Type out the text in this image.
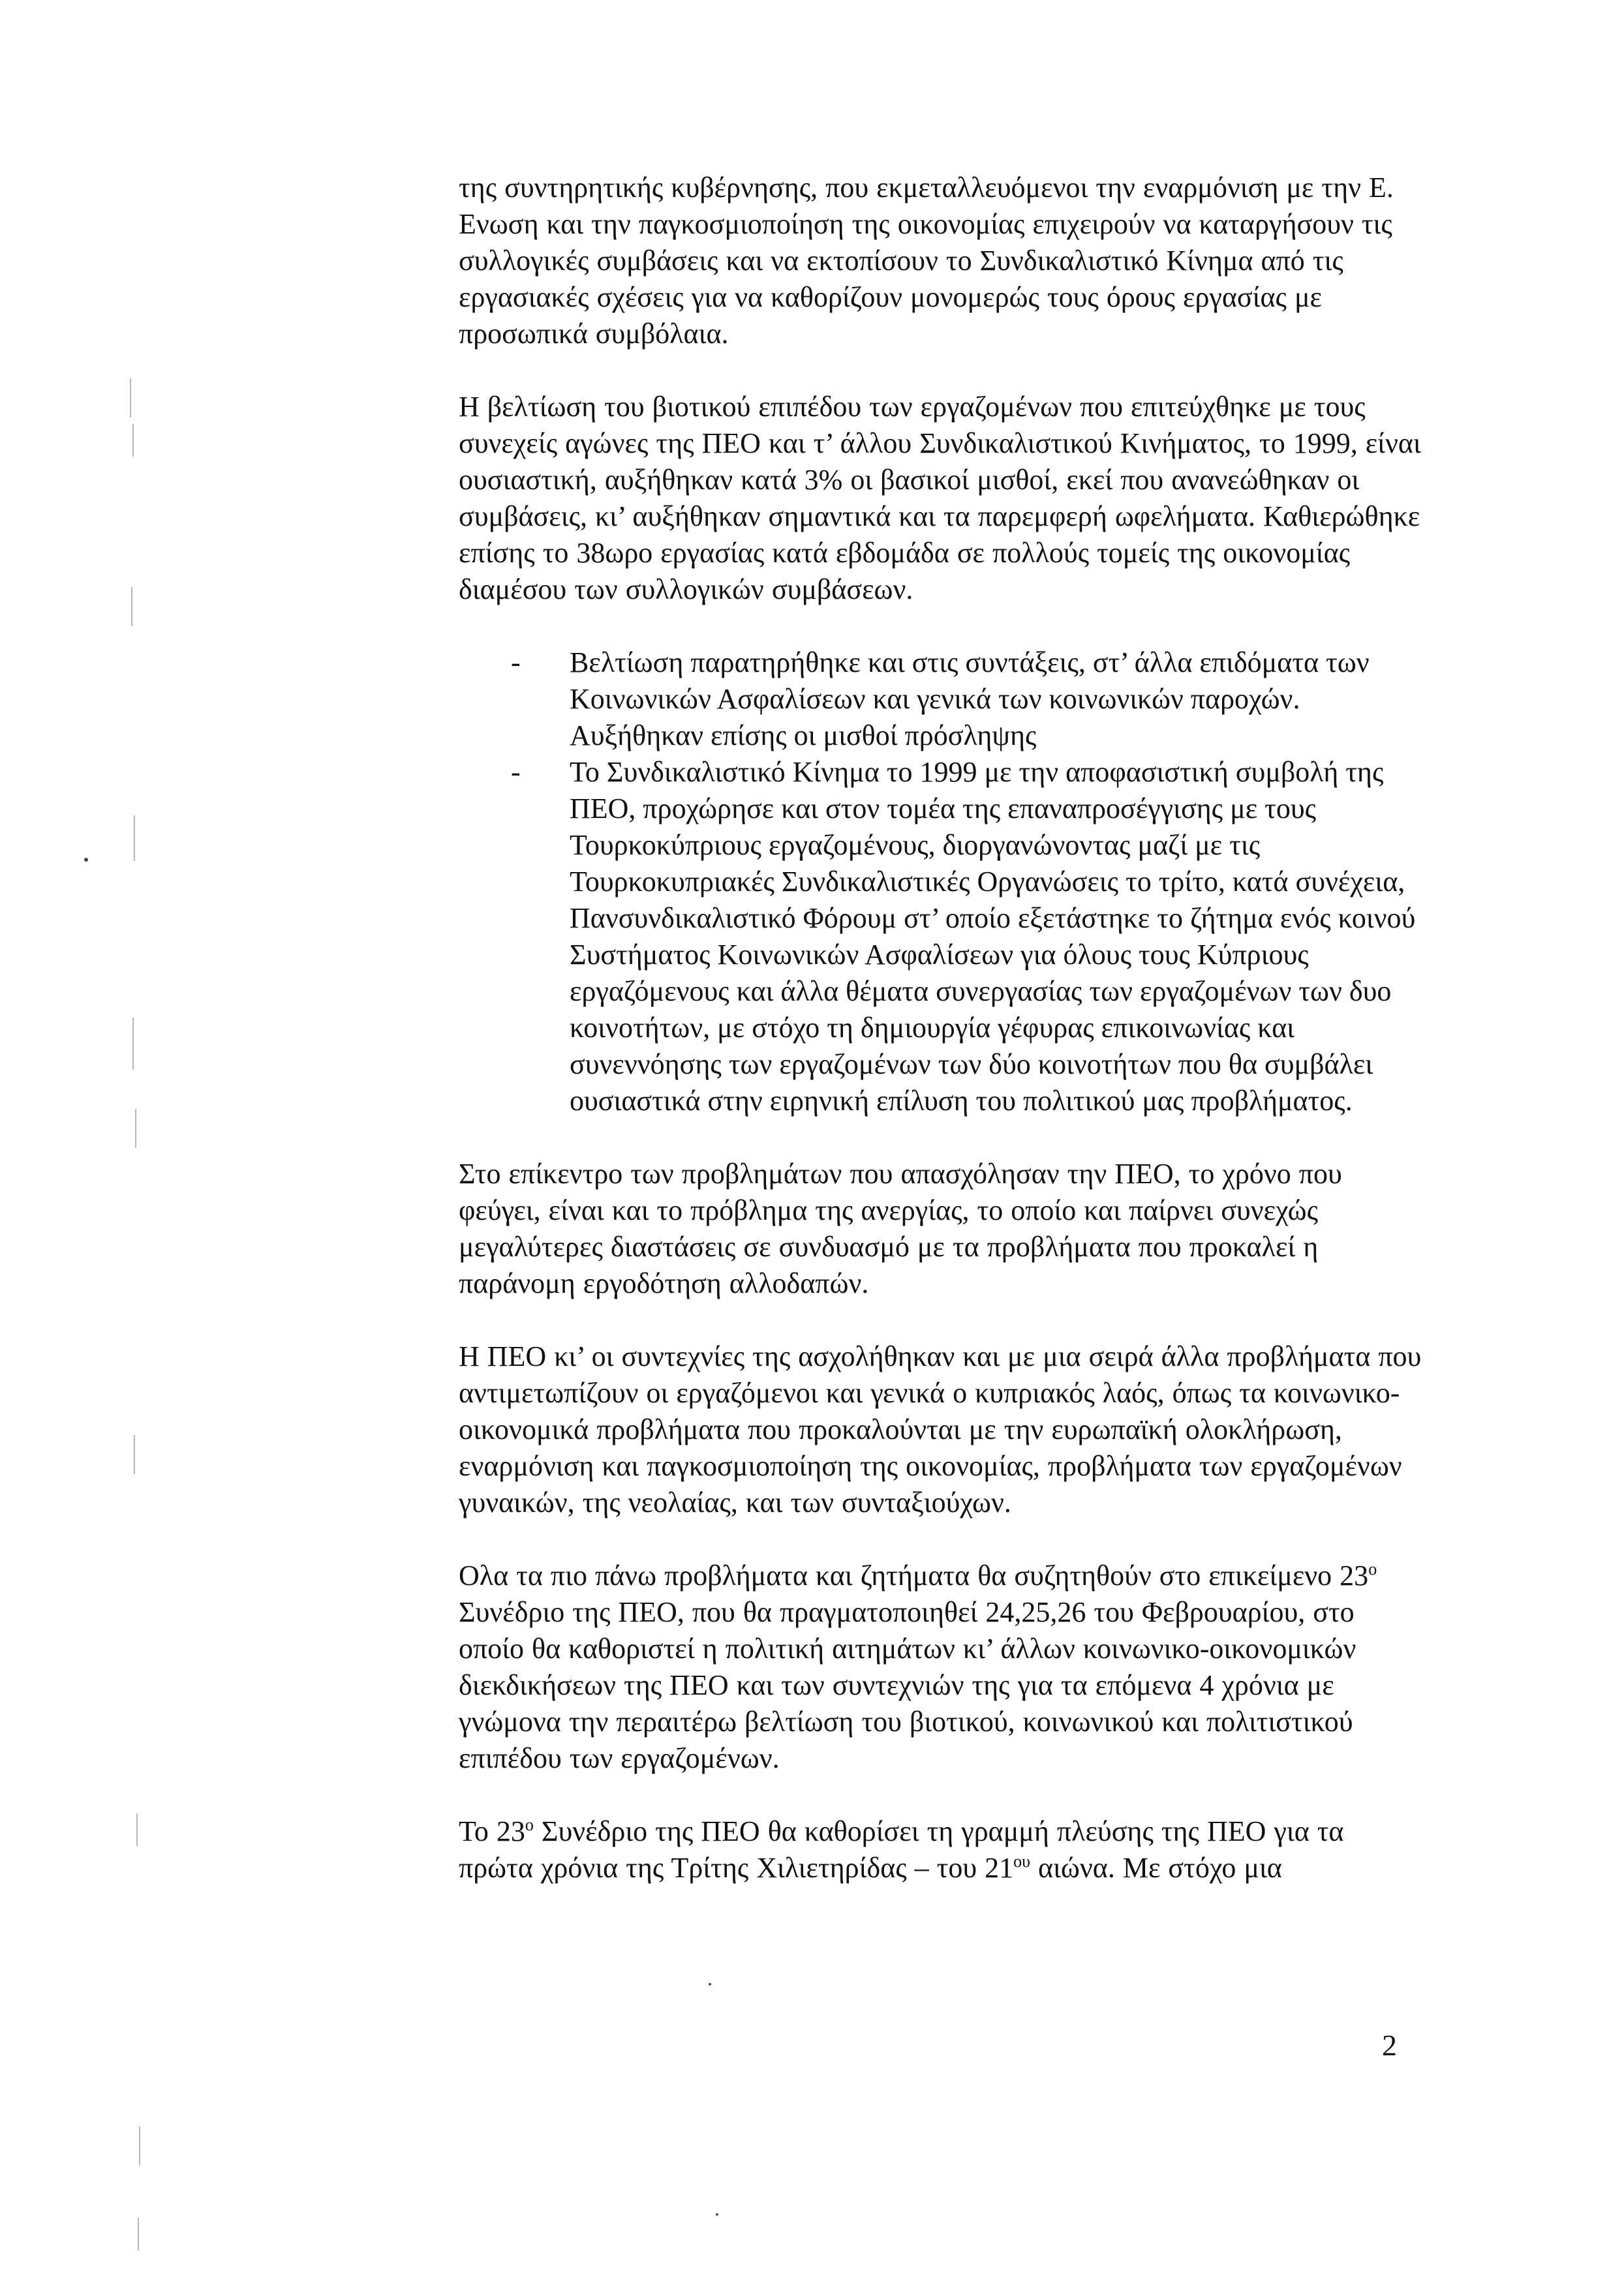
της συντηρητικής κυβέρνησης, που εκμεταλλευόμενοι την εναρμόνιση με την Ε. Ενωση και την παγκοσμιοποίηση της οικονομίας επιχειρούν να καταργήσουν τις συλλογικές συμβάσεις και να εκτοπίσουν το Συνδικαλιστικό Κίνημα από τις εργασιακές σχέσεις για να καθορίζουν μονομερώς τους όρους εργασίας με προσωπικά συμβόλαια.

Η βελτίωση του βιοτικού επιπέδου των εργαζομένων που επιτεύχθηκε με τους συνεχείς αγώνες της ΠΕΟ και τ’ άλλου Συνδικαλιστικού Κινήματος, το 1999, είναι ουσιαστική, αυξήθηκαν κατά 3% οι βασικοί μισθοί, εκεί που ανανεώθηκαν οι συμβάσεις, κι’ αυξήθηκαν σημαντικά και τα παρεμφερή ωφελήματα. Καθιερώθηκε επίσης το 38ωρο εργασίας κατά εβδομάδα σε πολλούς τομείς της οικονομίας διαμέσου των συλλογικών συμβάσεων.

- Βελτίωση παρατηρήθηκε και στις συντάξεις, στ’ άλλα επιδόματα των Κοινωνικών Ασφαλίσεων και γενικά των κοινωνικών παροχών. Αυξήθηκαν επίσης οι μισθοί πρόσληψης
- Το Συνδικαλιστικό Κίνημα το 1999 με την αποφασιστική συμβολή της ΠΕΟ, προχώρησε και στον τομέα της επαναπροσέγγισης με τους Τουρκοκύπριους εργαζομένους, διοργανώνοντας μαζί με τις Τουρκοκυπριακές Συνδικαλιστικές Οργανώσεις το τρίτο, κατά συνέχεια, Πανσυνδικαλιστικό Φόρουμ στ’ οποίο εξετάστηκε το ζήτημα ενός κοινού Συστήματος Κοινωνικών Ασφαλίσεων για όλους τους Κύπριους εργαζόμενους και άλλα θέματα συνεργασίας των εργαζομένων των δυο κοινοτήτων, με στόχο τη δημιουργία γέφυρας επικοινωνίας και συνεννόησης των εργαζομένων των δύο κοινοτήτων που θα συμβάλει ουσιαστικά στην ειρηνική επίλυση του πολιτικού μας προβλήματος.

Στο επίκεντρο των προβλημάτων που απασχόλησαν την ΠΕΟ, το χρόνο που φεύγει, είναι και το πρόβλημα της ανεργίας, το οποίο και παίρνει συνεχώς μεγαλύτερες διαστάσεις σε συνδυασμό με τα προβλήματα που προκαλεί η παράνομη εργοδότηση αλλοδαπών.

Η ΠΕΟ κι’ οι συντεχνίες της ασχολήθηκαν και με μια σειρά άλλα προβλήματα που αντιμετωπίζουν οι εργαζόμενοι και γενικά ο κυπριακός λαός, όπως τα κοινωνικο-οικονομικά προβλήματα που προκαλούνται με την ευρωπαϊκή ολοκλήρωση, εναρμόνιση και παγκοσμιοποίηση της οικονομίας, προβλήματα των εργαζομένων γυναικών, της νεολαίας, και των συνταξιούχων.

Ολα τα πιο πάνω προβλήματα και ζητήματα θα συζητηθούν στο επικείμενο $23^o$ Συνέδριο της ΠΕΟ, που θα πραγματοποιηθεί 24,25,26 του Φεβρουαρίου, στο οποίο θα καθοριστεί η πολιτική αιτημάτων κι’ άλλων κοινωνικο-οικονομικών διεκδικήσεων της ΠΕΟ και των συντεχνιών της για τα επόμενα 4 χρόνια με γνώμονα την περαιτέρω βελτίωση του βιοτικού, κοινωνικού και πολιτιστικού επιπέδου των εργαζομένων.

Το $23^o$ Συνέδριο της ΠΕΟ θα καθορίσει τη γραμμή πλεύσης της ΠΕΟ για τα πρώτα χρόνια της Τρίτης Χιλιετηρίδας – του $21^{o\upsilon}$ αιώνα. Με στόχο μια

2
